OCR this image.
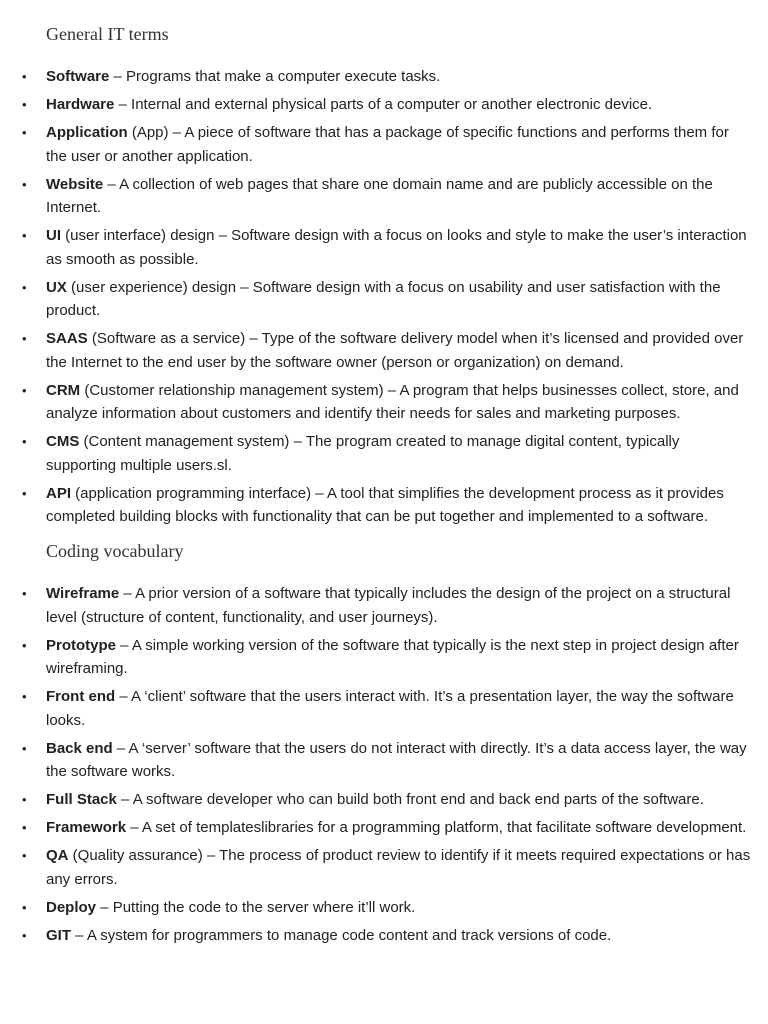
General IT terms
• Software – Programs that make a computer execute tasks.
• Hardware – Internal and external physical parts of a computer or another electronic device.
• Application (App) – A piece of software that has a package of specific functions and performs them for the user or another application.
• Website – A collection of web pages that share one domain name and are publicly accessible on the Internet.
• UI (user interface) design – Software design with a focus on looks and style to make the user’s interaction as smooth as possible.
• UX (user experience) design – Software design with a focus on usability and user satisfaction with the product.
• SAAS (Software as a service) – Type of the software delivery model when it’s licensed and provided over the Internet to the end user by the software owner (person or organization) on demand.
• CRM (Customer relationship management system) – A program that helps businesses collect, store, and analyze information about customers and identify their needs for sales and marketing purposes.
• CMS (Content management system) – The program created to manage digital content, typically supporting multiple users.sl.
• API (application programming interface) – A tool that simplifies the development process as it provides completed building blocks with functionality that can be put together and implemented to a software.
Coding vocabulary
• Wireframe – A prior version of a software that typically includes the design of the project on a structural level (structure of content, functionality, and user journeys).
• Prototype – A simple working version of the software that typically is the next step in project design after wireframing.
• Front end – A ‘client’ software that the users interact with. It’s a presentation layer, the way the software looks.
• Back end – A ‘server’ software that the users do not interact with directly. It’s a data access layer, the way the software works.
• Full Stack – A software developer who can build both front end and back end parts of the software.
• Framework – A set of templateslibraries for a programming platform, that facilitate software development.
• QA (Quality assurance) – The process of product review to identify if it meets required expectations or has any errors.
• Deploy – Putting the code to the server where it’ll work.
• GIT – A system for programmers to manage code content and track versions of code.
